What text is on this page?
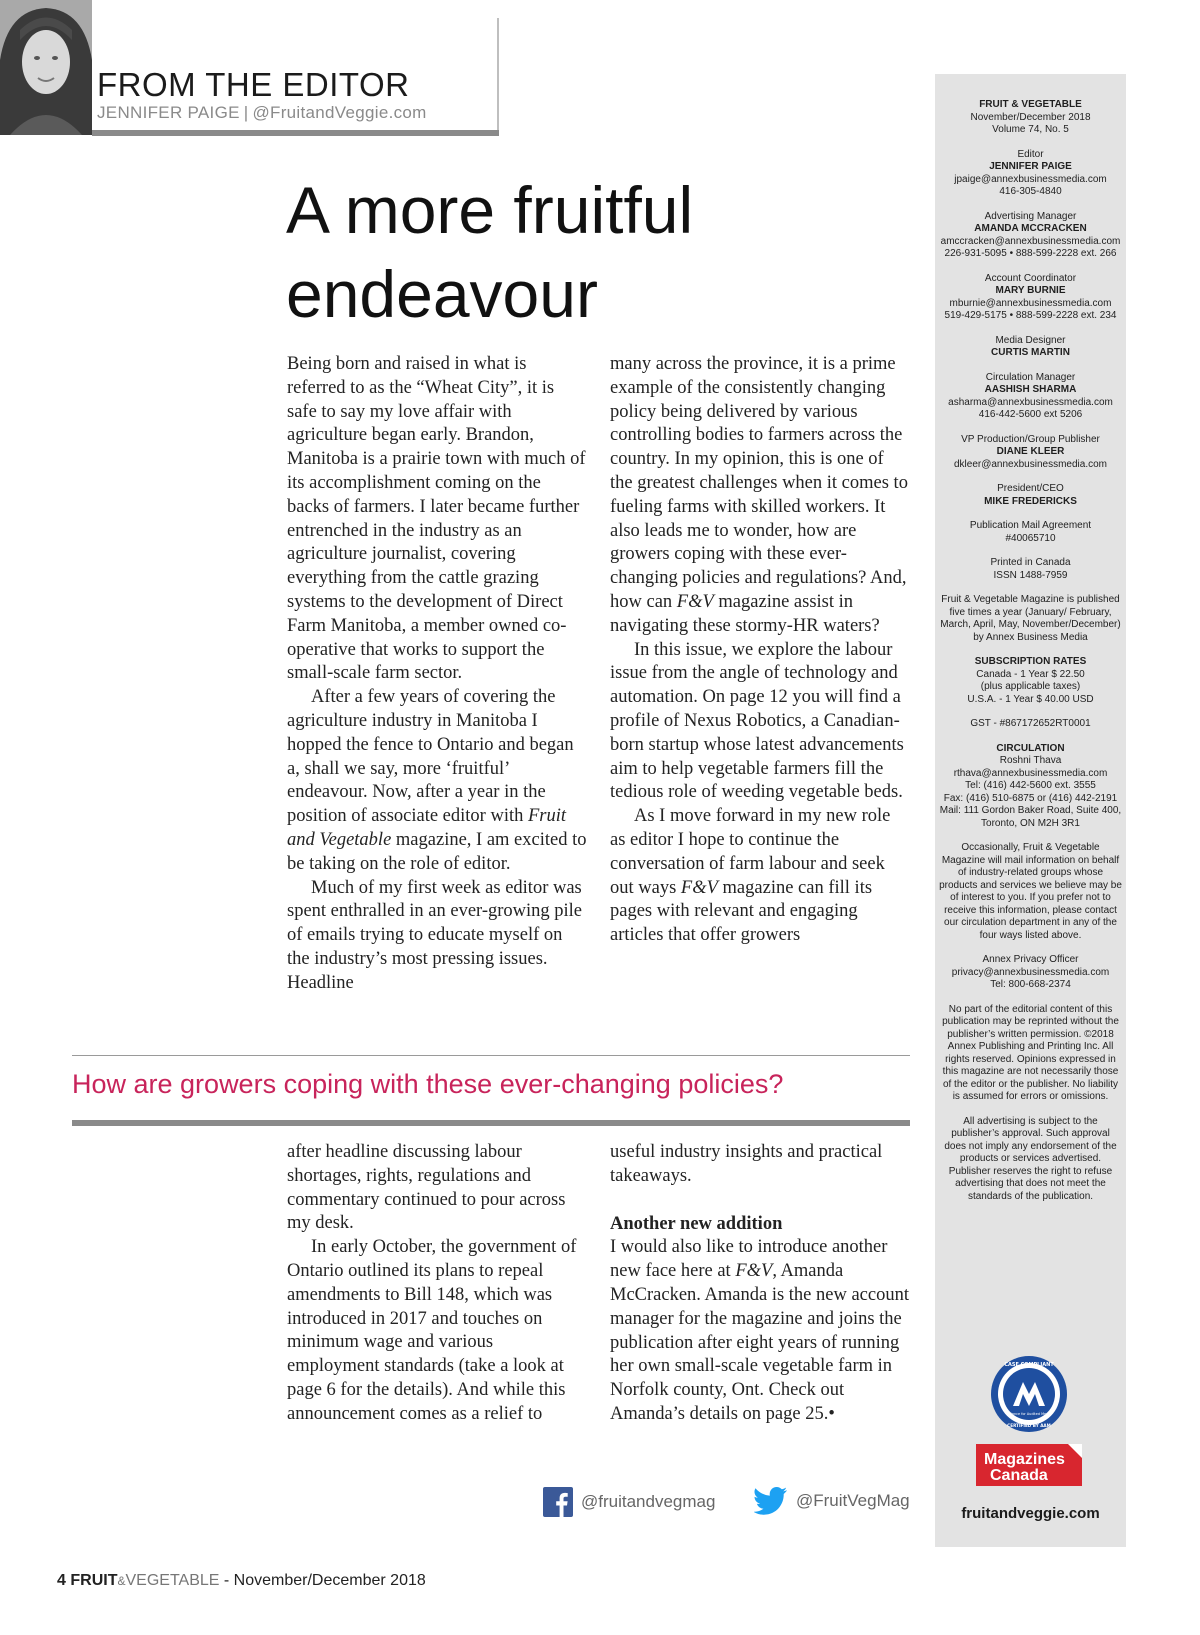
FROM THE EDITOR
JENNIFER PAIGE | @FruitandVeggie.com
A more fruitful endeavour

Being born and raised in what is referred to as the “Wheat City”, it is safe to say my love affair with agriculture began early. Brandon, Manitoba is a prairie town with much of its accomplishment coming on the backs of farmers. I later became further entrenched in the industry as an agriculture journalist, covering everything from the cattle grazing systems to the development of Direct Farm Manitoba, a member owned co-operative that works to support the small-scale farm sector.

After a few years of covering the agriculture industry in Manitoba I hopped the fence to Ontario and began a, shall we say, more ‘fruitful’ endeavour. Now, after a year in the position of associate editor with Fruit and Vegetable magazine, I am excited to be taking on the role of editor.

Much of my first week as editor was spent enthralled in an ever-growing pile of emails trying to educate myself on the industry’s most pressing issues. Headline

many across the province, it is a prime example of the consistently changing policy being delivered by various controlling bodies to farmers across the country. In my opinion, this is one of the greatest challenges when it comes to fueling farms with skilled workers. It also leads me to wonder, how are growers coping with these ever-changing policies and regulations? And, how can F&V magazine assist in navigating these stormy-HR waters?

In this issue, we explore the labour issue from the angle of technology and automation. On page 12 you will find a profile of Nexus Robotics, a Canadian-born startup whose latest advancements aim to help vegetable farmers fill the tedious role of weeding vegetable beds.

As I move forward in my new role as editor I hope to continue the conversation of farm labour and seek out ways F&V magazine can fill its pages with relevant and engaging articles that offer growers

How are growers coping with these ever-changing policies?

after headline discussing labour shortages, rights, regulations and commentary continued to pour across my desk.

In early October, the government of Ontario outlined its plans to repeal amendments to Bill 148, which was introduced in 2017 and touches on minimum wage and various employment standards (take a look at page 6 for the details). And while this announcement comes as a relief to

useful industry insights and practical takeaways.

Another new addition

I would also like to introduce another new face here at F&V, Amanda McCracken. Amanda is the new account manager for the magazine and joins the publication after eight years of running her own small-scale vegetable farm in Norfolk county, Ont. Check out Amanda’s details on page 25.•

@fruitandvegmag	@FruitVegMag
4 FRUIT&VEGETABLE - November/December 2018
FRUIT & VEGETABLE
November/December 2018
Volume 74, No. 5
Editor
JENNIFER PAIGE
jpaige@annexbusinessmedia.com
416-305-4840
Advertising Manager
AMANDA MCCRACKEN
amccracken@annexbusinessmedia.com
226-931-5095 • 888-599-2228 ext. 266
Account Coordinator
MARY BURNIE
mburnie@annexbusinessmedia.com
519-429-5175 • 888-599-2228 ext. 234
Media Designer
CURTIS MARTIN
Circulation Manager
AASHISH SHARMA
asharma@annexbusinessmedia.com
416-442-5600 ext 5206
VP Production/Group Publisher
DIANE KLEER
dkleer@annexbusinessmedia.com
President/CEO
MIKE FREDERICKS
Publication Mail Agreement
#40065710
Printed in Canada
ISSN 1488-7959
Fruit & Vegetable Magazine is published five times a year (January/ February, March, April, May, November/December) by Annex Business Media
SUBSCRIPTION RATES
Canada - 1 Year $ 22.50
(plus applicable taxes)
U.S.A. - 1 Year $ 40.00 USD
GST - #867172652RT0001
CIRCULATION
Roshni Thava
rthava@annexbusinessmedia.com
Tel: (416) 442-5600 ext. 3555
Fax: (416) 510-6875 or (416) 442-2191
Mail: 111 Gordon Baker Road, Suite 400, Toronto, ON M2H 3R1
Occasionally, Fruit & Vegetable Magazine will mail information on behalf of industry-related groups whose products and services we believe may be of interest to you. If you prefer not to receive this information, please contact our circulation department in any of the four ways listed above.
Annex Privacy Officer
privacy@annexbusinessmedia.com
Tel: 800-668-2374
No part of the editorial content of this publication may be reprinted without the publisher’s written permission. ©2018 Annex Publishing and Printing Inc. All rights reserved. Opinions expressed in this magazine are not necessarily those of the editor or the publisher. No liability is assumed for errors or omissions.
All advertising is subject to the publisher’s approval. Such approval does not imply any endorsement of the products or services advertised. Publisher reserves the right to refuse advertising that does not meet the standards of the publication.
CASE COMPLIANT
Alliance for Audited Media
CERTIFIED BY AAM
Magazines
Canada
fruitandveggie.com
